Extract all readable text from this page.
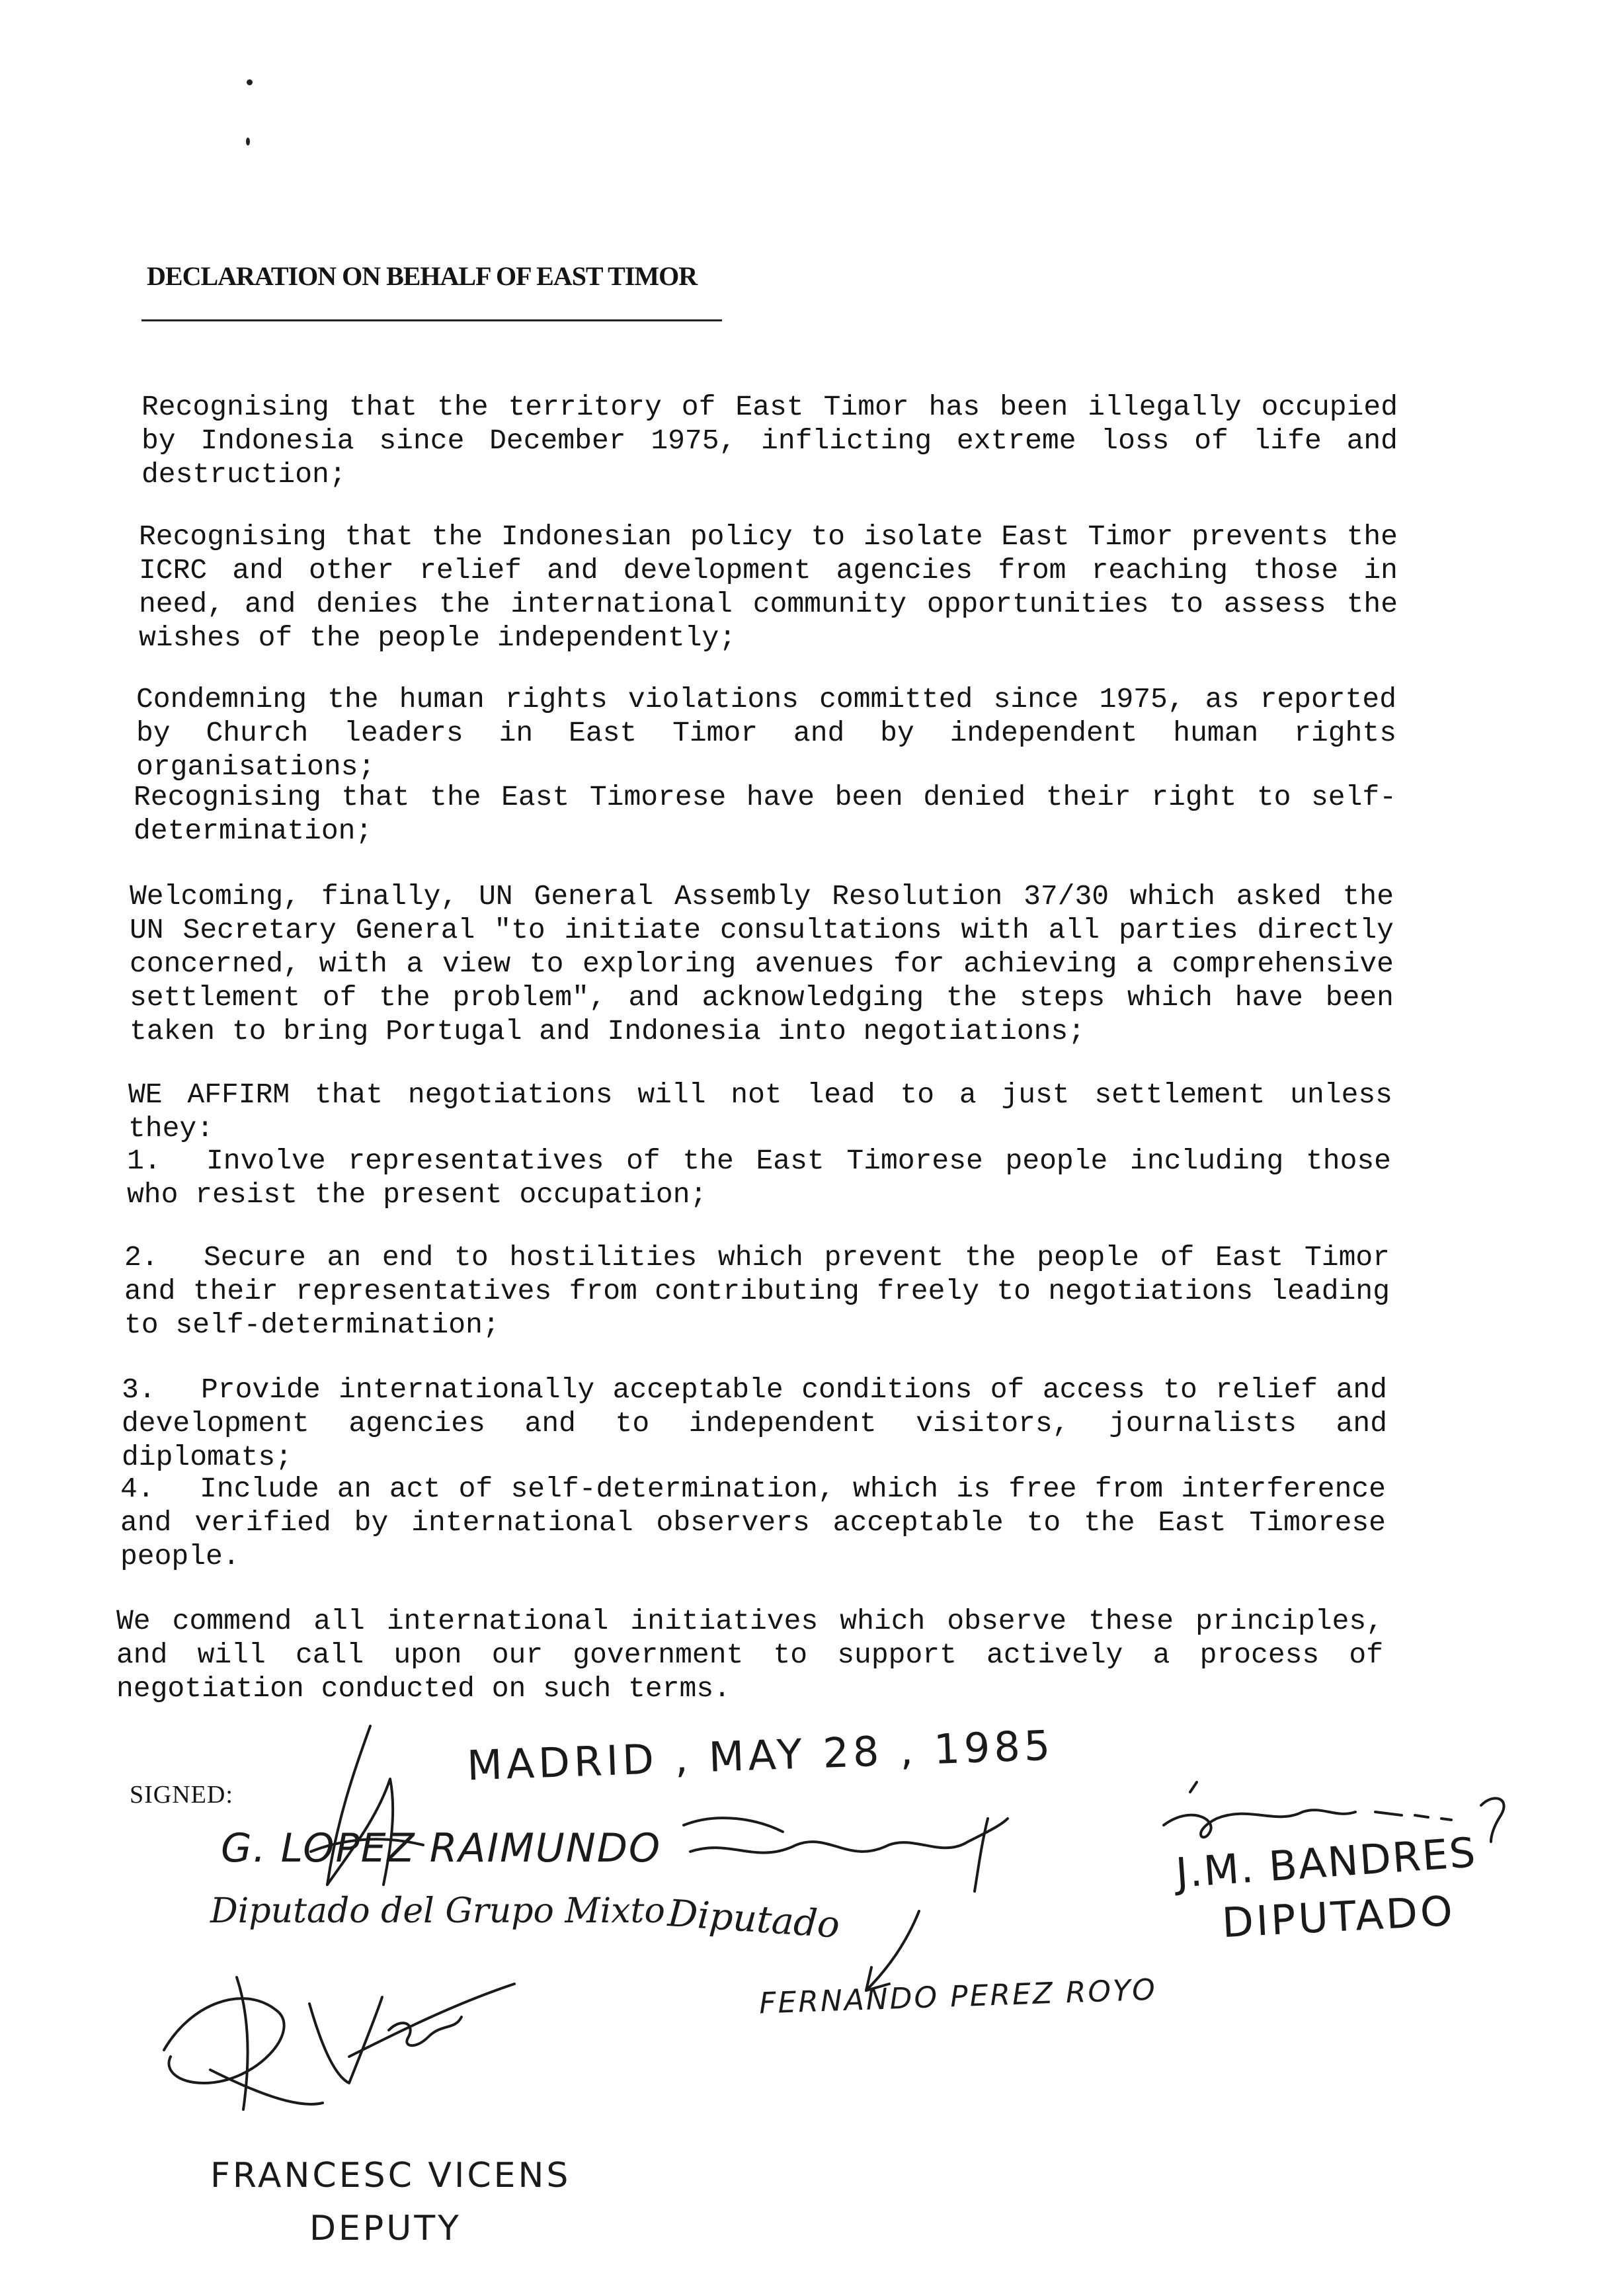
DECLARATION ON BEHALF OF EAST TIMOR
Recognising that the territory of East Timor has been illegally occupied by Indonesia since December 1975, inflicting extreme loss of life and destruction;
Recognising that the Indonesian policy to isolate East Timor prevents the ICRC and other relief and development agencies from reaching those in need, and denies the international community opportunities to assess the wishes of the people independently;
Condemning the human rights violations committed since 1975, as reported by Church leaders in East Timor and by independent human rights organisations;
Recognising that the East Timorese have been denied their right to self-determination;
Welcoming, finally, UN General Assembly Resolution 37/30 which asked the UN Secretary General "to initiate consultations with all parties directly concerned, with a view to exploring avenues for achieving a comprehensive settlement of the problem", and acknowledging the steps which have been taken to bring Portugal and Indonesia into negotiations;
WE AFFIRM that negotiations will not lead to a just settlement unless they:
1. Involve representatives of the East Timorese people including those who resist the present occupation;
2. Secure an end to hostilities which prevent the people of East Timor and their representatives from contributing freely to negotiations leading to self-determination;
3. Provide internationally acceptable conditions of access to relief and development agencies and to independent visitors, journalists and diplomats;
4. Include an act of self-determination, which is free from interference and verified by international observers acceptable to the East Timorese people.
We commend all international initiatives which observe these principles, and will call upon our government to support actively a process of negotiation conducted on such terms.
SIGNED:
MADRID , MAY 28 , 1985
G. LOPEZ RAIMUNDO
Diputado del Grupo Mixto Diputado
FERNANDO PEREZ ROYO
J.M. BANDRES
DIPUTADO
FRANCESC VICENS
DEPUTY
